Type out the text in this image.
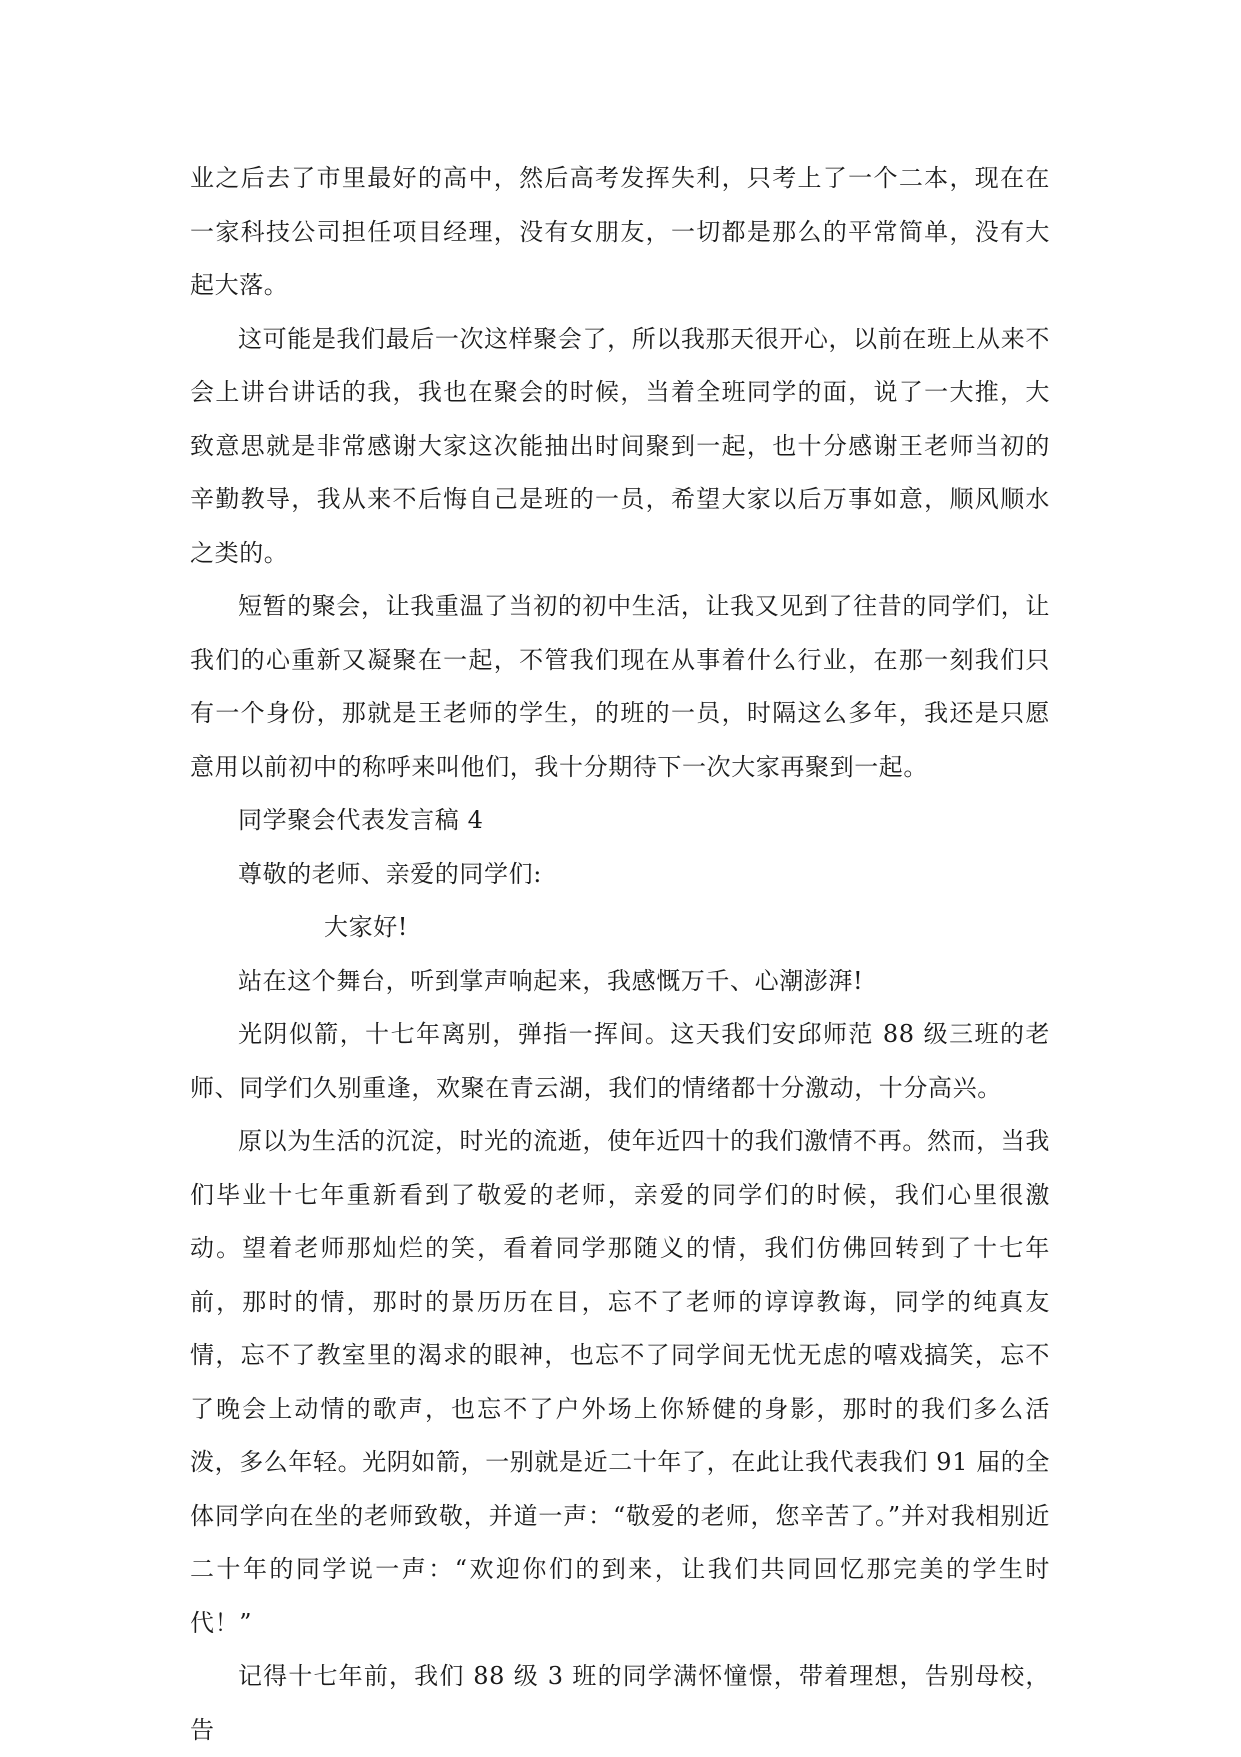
业之后去了市里最好的高中，然后高考发挥失利，只考上了一个二本，现在在一家科技公司担任项目经理，没有女朋友，一切都是那么的平常简单，没有大起大落。

这可能是我们最后一次这样聚会了，所以我那天很开心，以前在班上从来不会上讲台讲话的我，我也在聚会的时候，当着全班同学的面，说了一大推，大致意思就是非常感谢大家这次能抽出时间聚到一起，也十分感谢王老师当初的辛勤教导，我从来不后悔自己是班的一员，希望大家以后万事如意，顺风顺水之类的。

短暂的聚会，让我重温了当初的初中生活，让我又见到了往昔的同学们，让我们的心重新又凝聚在一起，不管我们现在从事着什么行业，在那一刻我们只有一个身份，那就是王老师的学生，的班的一员，时隔这么多年，我还是只愿意用以前初中的称呼来叫他们，我十分期待下一次大家再聚到一起。

同学聚会代表发言稿 4

尊敬的老师、亲爱的同学们:

大家好!

站在这个舞台，听到掌声响起来，我感慨万千、心潮澎湃!

光阴似箭，十七年离别，弹指一挥间。这天我们安邱师范 88 级三班的老师、同学们久别重逢，欢聚在青云湖，我们的情绪都十分激动，十分高兴。

原以为生活的沉淀，时光的流逝，使年近四十的我们激情不再。然而，当我们毕业十七年重新看到了敬爱的老师，亲爱的同学们的时候，我们心里很激动。望着老师那灿烂的笑，看着同学那随义的情，我们仿佛回转到了十七年前，那时的情，那时的景历历在目，忘不了老师的谆谆教诲，同学的纯真友情，忘不了教室里的渴求的眼神，也忘不了同学间无忧无虑的嘻戏搞笑，忘不了晚会上动情的歌声，也忘不了户外场上你矫健的身影，那时的我们多么活泼，多么年轻。光阴如箭，一别就是近二十年了，在此让我代表我们 91 届的全体同学向在坐的老师致敬，并道一声：“敬爱的老师，您辛苦了。”并对我相别近二十年的同学说一声：“欢迎你们的到来，让我们共同回忆那完美的学生时代！”

记得十七年前，我们 88 级 3 班的同学满怀憧憬，带着理想，告别母校，告
